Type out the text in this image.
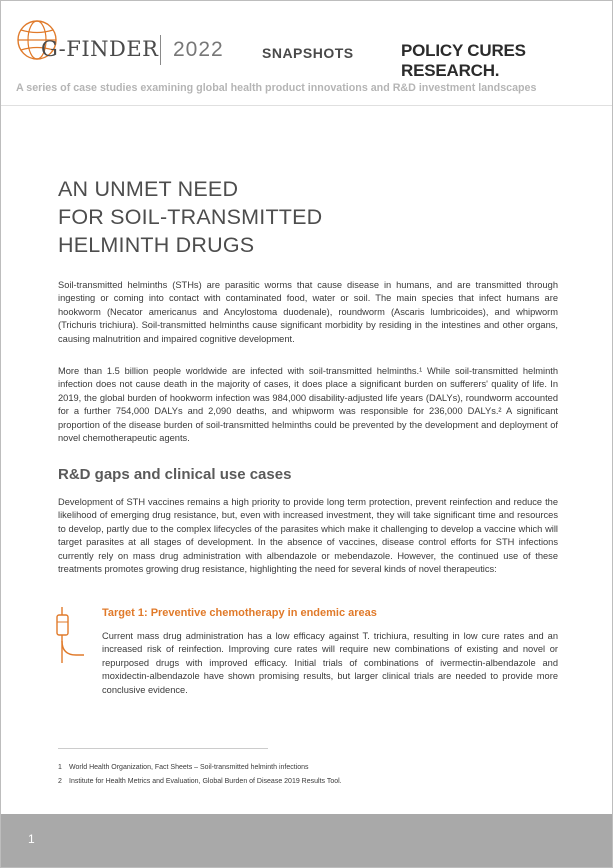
G-FINDER 2022	SNAPSHOTS	POLICY CURES RESEARCH.
A series of case studies examining global health product innovations and R&D investment landscapes
AN UNMET NEED
FOR SOIL-TRANSMITTED
HELMINTH DRUGS
Soil-transmitted helminths (STHs) are parasitic worms that cause disease in humans, and are transmitted through ingesting or coming into contact with contaminated food, water or soil. The main species that infect humans are hookworm (Necator americanus and Ancylostoma duodenale), roundworm (Ascaris lumbricoides), and whipworm (Trichuris trichiura). Soil-transmitted helminths cause significant morbidity by residing in the intestines and other organs, causing malnutrition and impaired cognitive development.
More than 1.5 billion people worldwide are infected with soil-transmitted helminths.¹ While soil-transmitted helminth infection does not cause death in the majority of cases, it does place a significant burden on sufferers' quality of life. In 2019, the global burden of hookworm infection was 984,000 disability-adjusted life years (DALYs), roundworm accounted for a further 754,000 DALYs and 2,090 deaths, and whipworm was responsible for 236,000 DALYs.² A significant proportion of the disease burden of soil-transmitted helminths could be prevented by the development and deployment of novel chemotherapeutic agents.
R&D gaps and clinical use cases
Development of STH vaccines remains a high priority to provide long term protection, prevent reinfection and reduce the likelihood of emerging drug resistance, but, even with increased investment, they will take significant time and resources to develop, partly due to the complex lifecycles of the parasites which make it challenging to develop a vaccine which will target parasites at all stages of development. In the absence of vaccines, disease control efforts for STH infections currently rely on mass drug administration with albendazole or mebendazole. However, the continued use of these treatments promotes growing drug resistance, highlighting the need for several kinds of novel therapeutics:
Target 1: Preventive chemotherapy in endemic areas
Current mass drug administration has a low efficacy against T. trichiura, resulting in low cure rates and an increased risk of reinfection. Improving cure rates will require new combinations of existing and novel or repurposed drugs with improved efficacy. Initial trials of combinations of ivermectin-albendazole and moxidectin-albendazole have shown promising results, but larger clinical trials are needed to provide more conclusive evidence.
1 World Health Organization, Fact Sheets – Soil-transmitted helminth infections
2 Institute for Health Metrics and Evaluation, Global Burden of Disease 2019 Results Tool.
1
